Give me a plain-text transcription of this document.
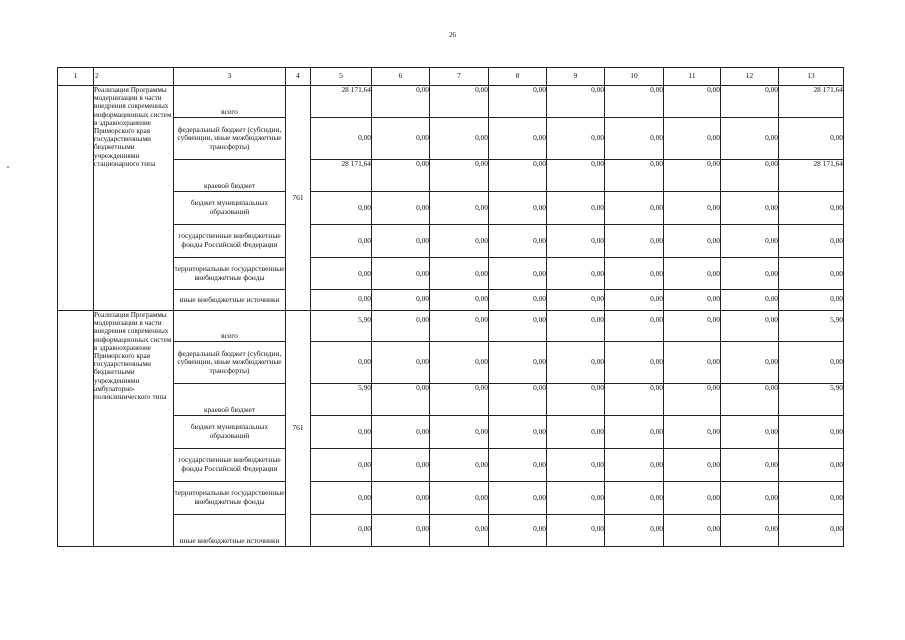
26
1	2	3	4	5	6	7	8	9	10	11	12	13
	Реализация Программы модернизации в части внедрения современных информационных систем в здравоохранение Приморского края государственными бюджетными учреждениями стационарного типа	всего	761	28 171,64	0,00	0,00	0,00	0,00	0,00	0,00	0,00	28 171,64
		федеральный бюджет (субсидии, субвенции, иные межбюджетные трансферты)		0,00	0,00	0,00	0,00	0,00	0,00	0,00	0,00	0,00
		краевой бюджет		28 171,64	0,00	0,00	0,00	0,00	0,00	0,00	0,00	28 171,64
		бюджет муниципальных образований		0,00	0,00	0,00	0,00	0,00	0,00	0,00	0,00	0,00
		государственные внебюджетные фонды Российской Федерации		0,00	0,00	0,00	0,00	0,00	0,00	0,00	0,00	0,00
		территориальные государственные внебюджетные фонды		0,00	0,00	0,00	0,00	0,00	0,00	0,00	0,00	0,00
		иные внебюджетные источники		0,00	0,00	0,00	0,00	0,00	0,00	0,00	0,00	0,00
	Реализация Программы модернизации в части внедрения современных информационных систем в здравоохранение Приморского края государственными бюджетными учреждениями амбулаторно-поликлинического типа	всего	761	5,90	0,00	0,00	0,00	0,00	0,00	0,00	0,00	5,90
		федеральный бюджет (субсидии, субвенции, иные межбюджетные трансферты)		0,00	0,00	0,00	0,00	0,00	0,00	0,00	0,00	0,00
		краевой бюджет		5,90	0,00	0,00	0,00	0,00	0,00	0,00	0,00	5,90
		бюджет муниципальных образований		0,00	0,00	0,00	0,00	0,00	0,00	0,00	0,00	0,00
		государственные внебюджетные фонды Российской Федерации		0,00	0,00	0,00	0,00	0,00	0,00	0,00	0,00	0,00
		территориальные государственные внебюджетные фонды		0,00	0,00	0,00	0,00	0,00	0,00	0,00	0,00	0,00
		иные внебюджетные источники		0,00	0,00	0,00	0,00	0,00	0,00	0,00	0,00	0,00
